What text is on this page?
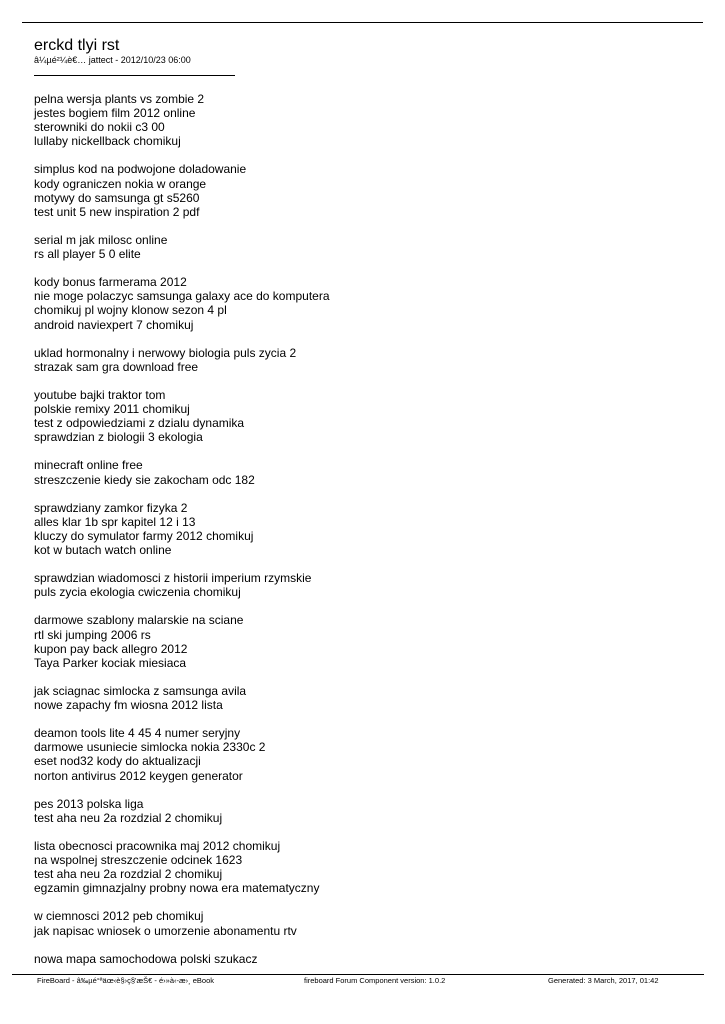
erckd tlyi rst
â¼µé²¼è€… jattect - 2012/10/23 06:00
pelna wersja plants vs zombie 2
jestes bogiem film 2012 online
sterowniki do nokii c3 00
lullaby nickellback chomikuj
simplus kod na podwojone doladowanie
kody ograniczen nokia w orange
motywy do samsunga gt s5260
test unit 5 new inspiration 2 pdf
serial m jak milosc online
rs all player 5 0 elite
kody bonus farmerama 2012
nie moge polaczyc samsunga galaxy ace do komputera
chomikuj pl wojny klonow sezon 4 pl
android naviexpert 7 chomikuj
uklad hormonalny i nerwowy biologia puls zycia 2
strazak sam gra download free
youtube bajki traktor tom
polskie remixy 2011 chomikuj
test z odpowiedziami z dzialu dynamika
sprawdzian z biologii 3 ekologia
minecraft online free
streszczenie kiedy sie zakocham odc 182
sprawdziany zamkor fizyka 2
alles klar 1b spr kapitel 12 i 13
kluczy do symulator farmy 2012 chomikuj
kot w butach watch online
sprawdzian wiadomosci z historii imperium rzymskie
puls zycia ekologia cwiczenia chomikuj
darmowe szablony malarskie na sciane
rtl ski jumping 2006 rs
kupon pay back allegro 2012
Taya Parker kociak miesiaca
jak sciagnac simlocka z samsunga avila
nowe zapachy fm wiosna 2012 lista
deamon tools lite 4 45 4 numer seryjny
darmowe usuniecie simlocka nokia 2330c 2
eset nod32 kody do aktualizacji
norton antivirus 2012 keygen generator
pes 2013 polska liga
test aha neu 2a rozdzial 2 chomikuj
lista obecnosci pracownika maj 2012 chomikuj
na wspolnej streszczenie odcinek 1623
test aha neu 2a rozdzial 2 chomikuj
egzamin gimnazjalny probny nowa era matematyczny
w ciemnosci 2012 peb chomikuj
jak napisac wniosek o umorzenie abonamentu rtv
nowa mapa samochodowa polski szukacz
FireBoard - â‰µé°ªäœ‹è§›ç§'æŠ€ - é›»à‹-æ›¸ eBook	fireboard Forum Component version: 1.0.2	Generated: 3 March, 2017, 01:42
